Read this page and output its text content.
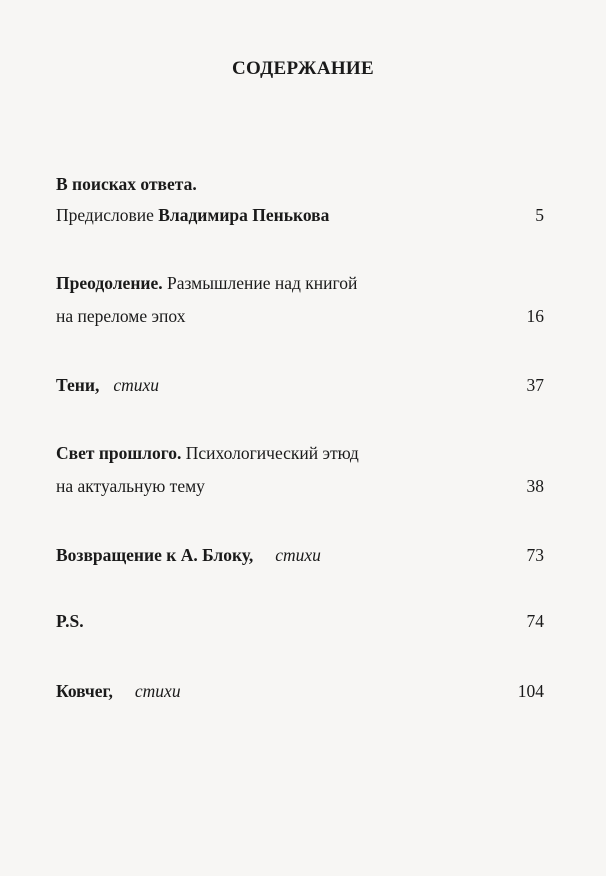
СОДЕРЖАНИЕ
В поисках ответа.
Предисловие Владимира Пенькова	5
Преодоление. Размышление над книгой
на переломе эпох	16
Тени, стихи	37
Свет прошлого. Психологический этюд
на актуальную тему	38
Возвращение к А. Блоку, стихи	73
P.S.	74
Ковчег, стихи	104
